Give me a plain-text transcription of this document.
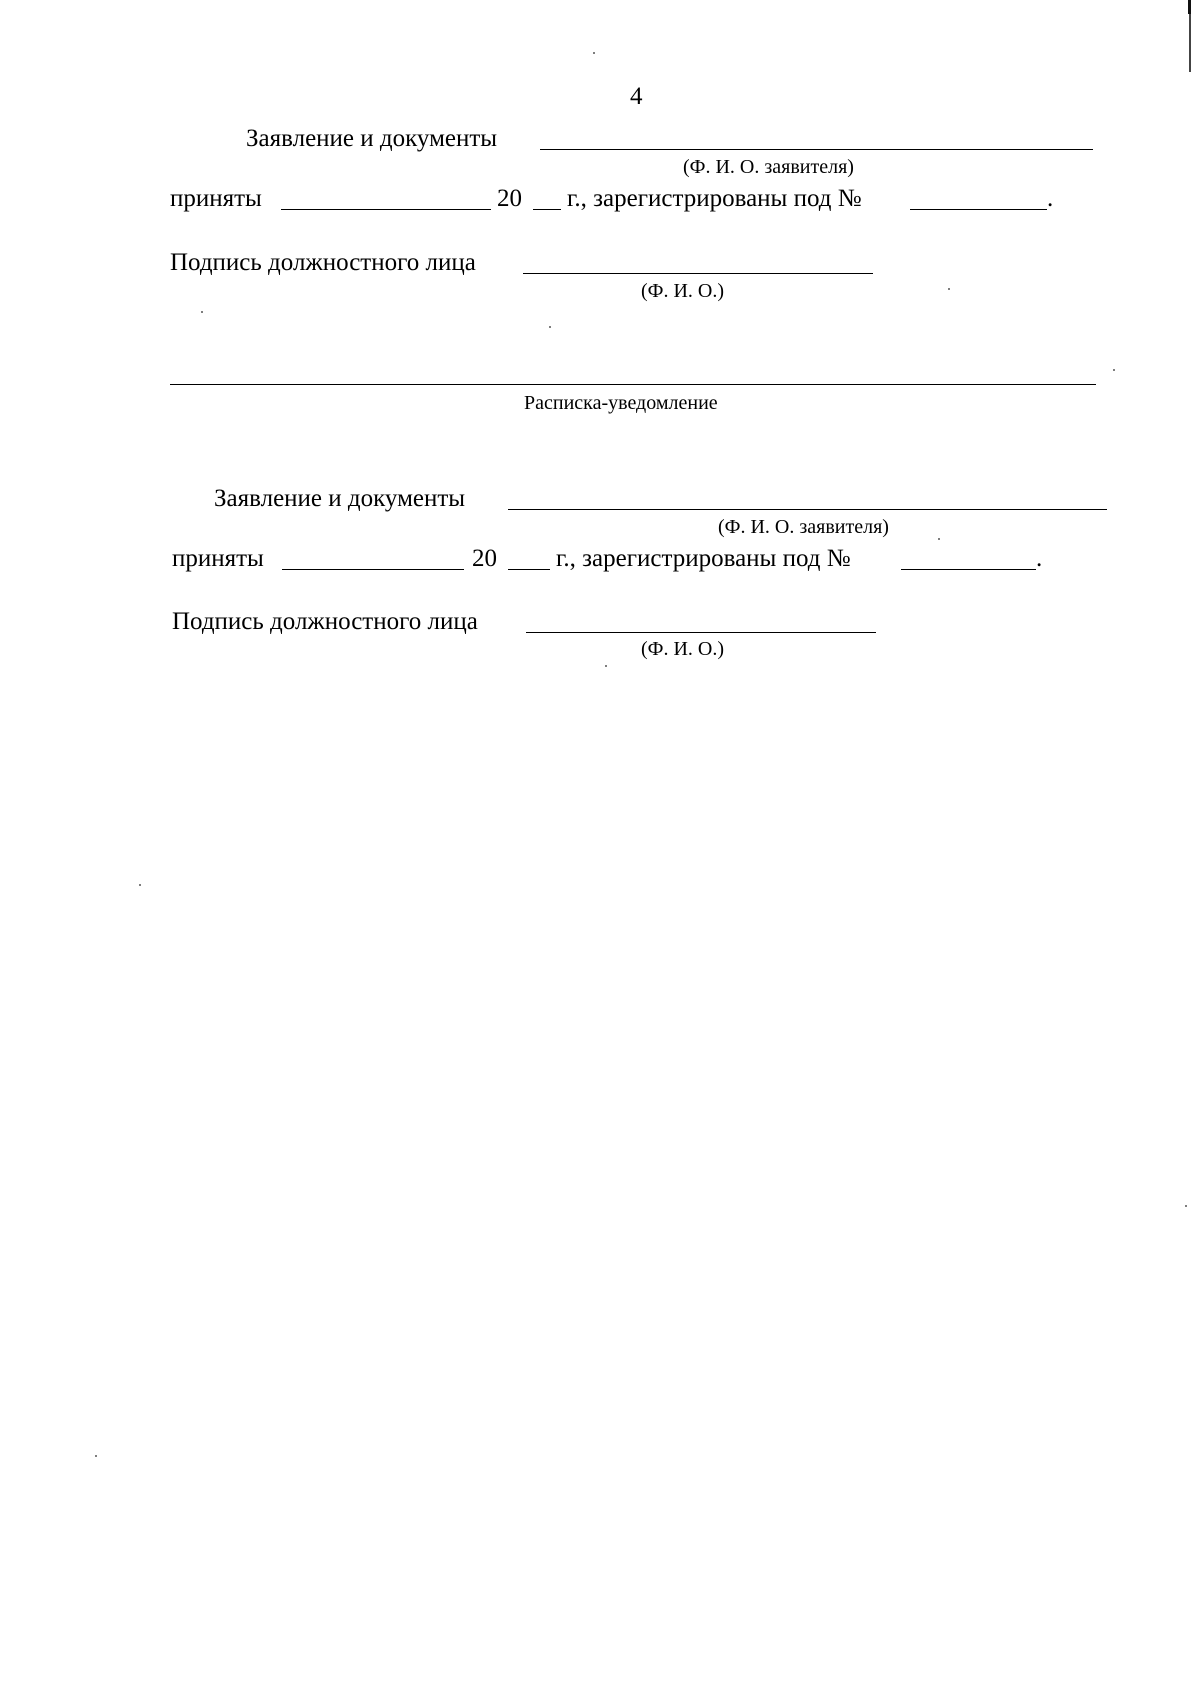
4
Заявление и документы
(Ф. И. О. заявителя)
приняты	20 г., зарегистрированы под №	.
Подпись должностного лица
(Ф. И. О.)
Расписка-уведомление
Заявление и документы
(Ф. И. О. заявителя)
приняты	20 г., зарегистрированы под №	.
Подпись должностного лица
(Ф. И. О.)
